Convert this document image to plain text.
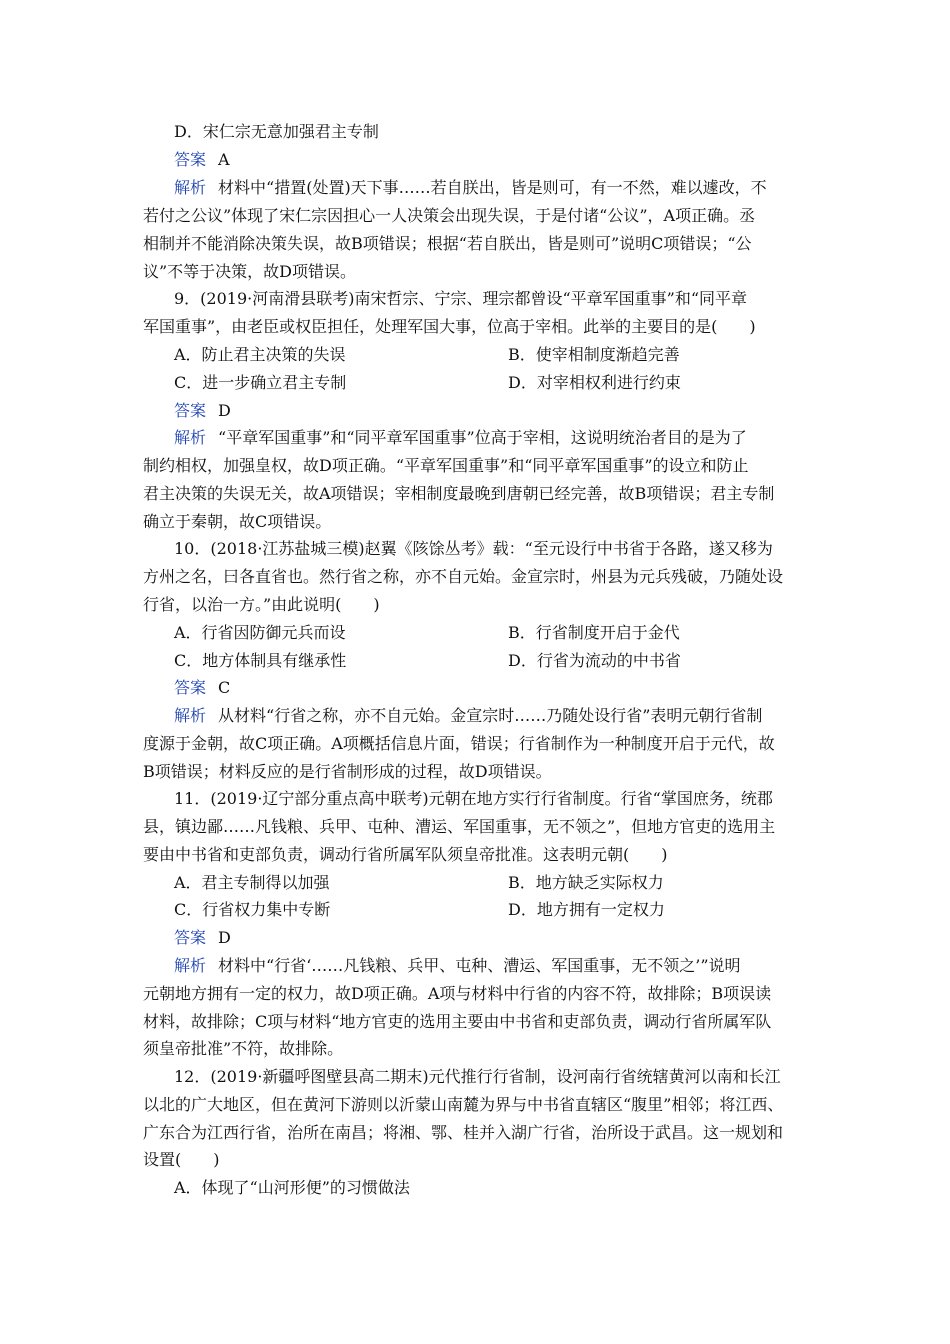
D．宋仁宗无意加强君主专制
答案 A
解析 材料中“措置(处置)天下事……若自朕出，皆是则可，有一不然，难以遽改，不
若付之公议”体现了宋仁宗因担心一人决策会出现失误，于是付诸“公议”，A项正确。丞
相制并不能消除决策失误，故B项错误；根据“若自朕出，皆是则可”说明C项错误；“公
议”不等于决策，故D项错误。
9．(2019·河南滑县联考)南宋哲宗、宁宗、理宗都曾设“平章军国重事”和“同平章
军国重事”，由老臣或权臣担任，处理军国大事，位高于宰相。此举的主要目的是(　　)
A．防止君主决策的失误	B．使宰相制度渐趋完善
C．进一步确立君主专制	D．对宰相权利进行约束
答案 D
解析 “平章军国重事”和“同平章军国重事”位高于宰相，这说明统治者目的是为了
制约相权，加强皇权，故D项正确。“平章军国重事”和“同平章军国重事”的设立和防止
君主决策的失误无关，故A项错误；宰相制度最晚到唐朝已经完善，故B项错误；君主专制
确立于秦朝，故C项错误。
10．(2018·江苏盐城三模)赵翼《陔馀丛考》载：“至元设行中书省于各路，遂又移为
方州之名，曰各直省也。然行省之称，亦不自元始。金宣宗时，州县为元兵残破，乃随处设
行省，以治一方。”由此说明(　　)
A．行省因防御元兵而设	B．行省制度开启于金代
C．地方体制具有继承性	D．行省为流动的中书省
答案 C
解析 从材料“行省之称，亦不自元始。金宣宗时……乃随处设行省”表明元朝行省制
度源于金朝，故C项正确。A项概括信息片面，错误；行省制作为一种制度开启于元代，故
B项错误；材料反应的是行省制形成的过程，故D项错误。
11．(2019·辽宁部分重点高中联考)元朝在地方实行行省制度。行省“掌国庶务，统郡
县，镇边鄙……凡钱粮、兵甲、屯种、漕运、军国重事，无不领之”，但地方官吏的选用主
要由中书省和吏部负责，调动行省所属军队须皇帝批准。这表明元朝(　　)
A．君主专制得以加强	B．地方缺乏实际权力
C．行省权力集中专断	D．地方拥有一定权力
答案 D
解析 材料中“行省‘……凡钱粮、兵甲、屯种、漕运、军国重事，无不领之’”说明
元朝地方拥有一定的权力，故D项正确。A项与材料中行省的内容不符，故排除；B项误读
材料，故排除；C项与材料“地方官吏的选用主要由中书省和吏部负责，调动行省所属军队
须皇帝批准”不符，故排除。
12．(2019·新疆呼图壁县高二期末)元代推行行省制，设河南行省统辖黄河以南和长江
以北的广大地区，但在黄河下游则以沂蒙山南麓为界与中书省直辖区“腹里”相邻；将江西、
广东合为江西行省，治所在南昌；将湘、鄂、桂并入湖广行省，治所设于武昌。这一规划和
设置(　　)
A．体现了“山河形便”的习惯做法
